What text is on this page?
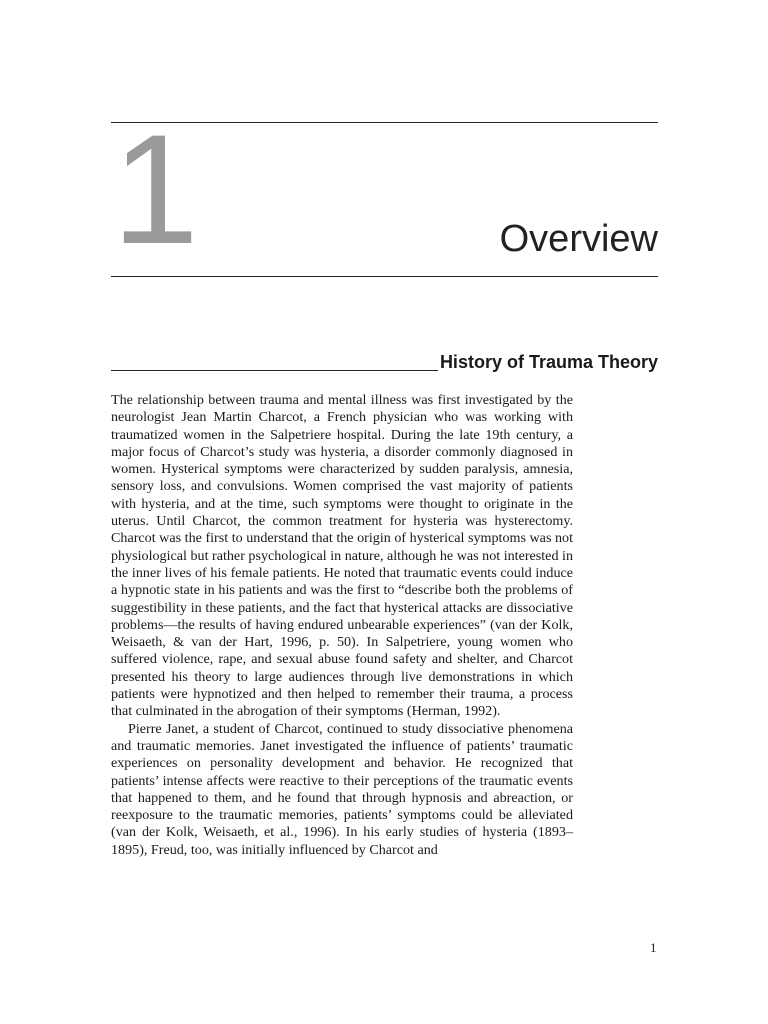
1	Overview
History of Trauma Theory

The relationship between trauma and mental illness was first investigated by the neurologist Jean Martin Charcot, a French physician who was working with traumatized women in the Salpetriere hospital. During the late 19th century, a major focus of Charcot’s study was hysteria, a disorder commonly diagnosed in women. Hysterical symptoms were characterized by sudden paralysis, amnesia, sensory loss, and convulsions. Women comprised the vast majority of patients with hysteria, and at the time, such symptoms were thought to originate in the uterus. Until Charcot, the common treatment for hysteria was hysterectomy. Charcot was the first to understand that the origin of hysterical symptoms was not physiological but rather psychological in nature, although he was not interested in the inner lives of his female patients. He noted that traumatic events could induce a hypnotic state in his patients and was the first to “describe both the problems of suggestibility in these patients, and the fact that hysterical attacks are dissociative problems—the results of having endured unbearable experiences” (van der Kolk, Weisaeth, & van der Hart, 1996, p. 50). In Salpetriere, young women who suffered violence, rape, and sexual abuse found safety and shelter, and Charcot presented his theory to large audiences through live demonstrations in which patients were hypnotized and then helped to remember their trauma, a process that culminated in the abrogation of their symptoms (Herman, 1992).

Pierre Janet, a student of Charcot, continued to study dissociative phenomena and traumatic memories. Janet investigated the influence of patients’ traumatic experiences on personality development and behavior. He recognized that patients’ intense affects were reactive to their perceptions of the traumatic events that happened to them, and he found that through hypnosis and abreaction, or reexposure to the traumatic memories, patients’ symptoms could be alleviated (van der Kolk, Weisaeth, et al., 1996). In his early studies of hysteria (1893–1895), Freud, too, was initially influenced by Charcot and

1
